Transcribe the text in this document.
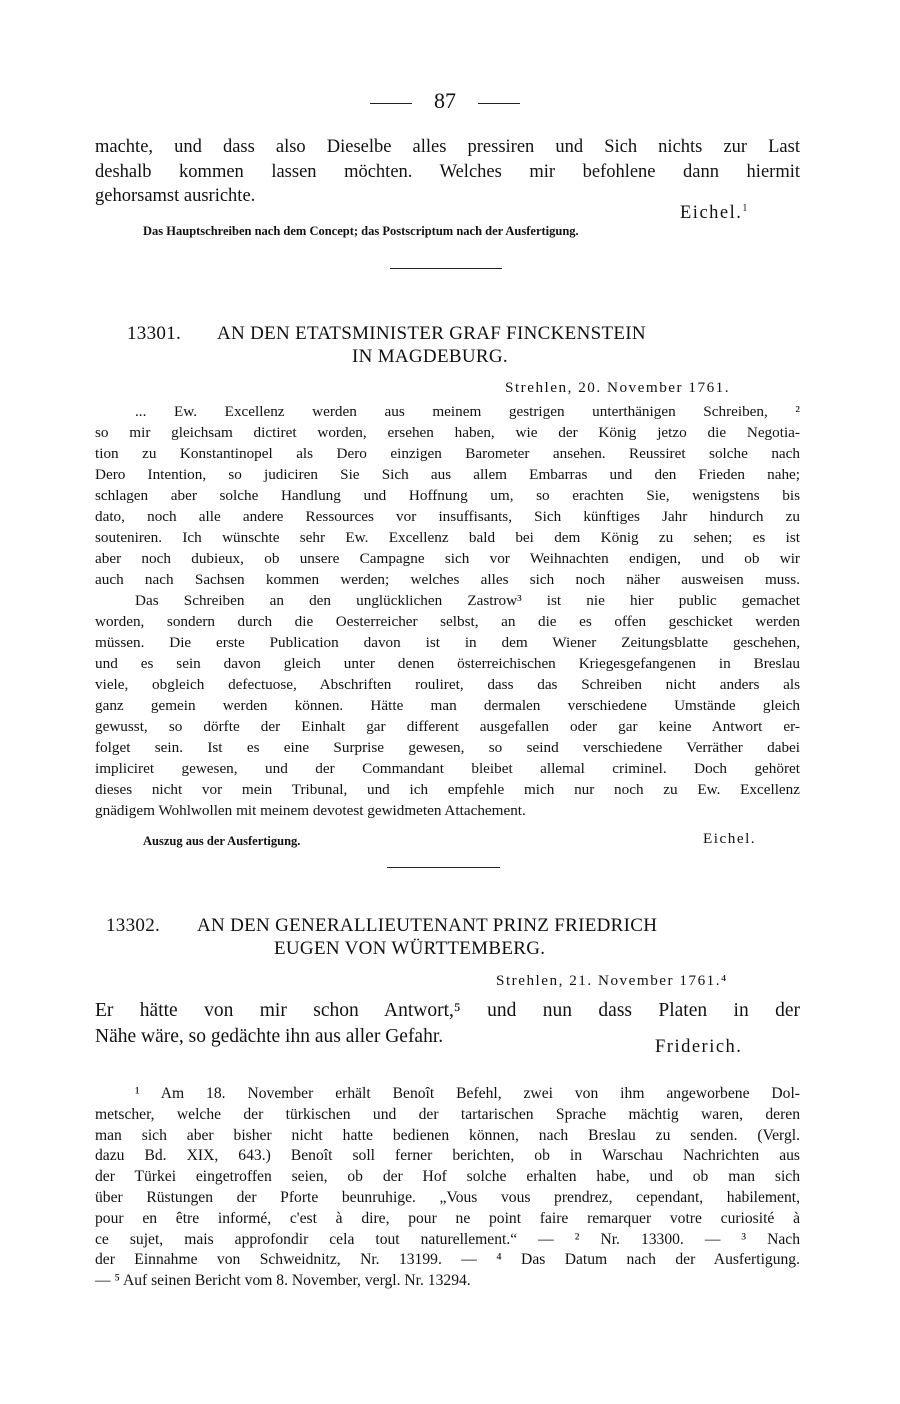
87
machte, und dass also Dieselbe alles pressiren und Sich nichts zur Last
deshalb kommen lassen möchten. Welches mir befohlene dann hiermit
gehorsamst ausrichte.
Eichel.$^1$
Das Hauptschreiben nach dem Concept; das Postscriptum nach der Ausfertigung.
13301. AN DEN ETATSMINISTER GRAF FINCKENSTEIN
IN MAGDEBURG.
Strehlen, 20. November 1761.
... Ew. Excellenz werden aus meinem gestrigen unterthänigen Schreiben, ²
so mir gleichsam dictiret worden, ersehen haben, wie der König jetzo die Negotia-
tion zu Konstantinopel als Dero einzigen Barometer ansehen. Reussiret solche nach
Dero Intention, so judiciren Sie Sich aus allem Embarras und den Frieden nahe;
schlagen aber solche Handlung und Hoffnung um, so erachten Sie, wenigstens bis
dato, noch alle andere Ressources vor insuffisants, Sich künftiges Jahr hindurch zu
souteniren. Ich wünschte sehr Ew. Excellenz bald bei dem König zu sehen; es ist
aber noch dubieux, ob unsere Campagne sich vor Weihnachten endigen, und ob wir
auch nach Sachsen kommen werden; welches alles sich noch näher ausweisen muss.
Das Schreiben an den unglücklichen Zastrow³ ist nie hier public gemachet
worden, sondern durch die Oesterreicher selbst, an die es offen geschicket werden
müssen. Die erste Publication davon ist in dem Wiener Zeitungsblatte geschehen,
und es sein davon gleich unter denen österreichischen Kriegesgefangenen in Breslau
viele, obgleich defectuose, Abschriften rouliret, dass das Schreiben nicht anders als
ganz gemein werden können. Hätte man dermalen verschiedene Umstände gleich
gewusst, so dörfte der Einhalt gar different ausgefallen oder gar keine Antwort er-
folget sein. Ist es eine Surprise gewesen, so seind verschiedene Verräther dabei
impliciret gewesen, und der Commandant bleibet allemal criminel. Doch gehöret
dieses nicht vor mein Tribunal, und ich empfehle mich nur noch zu Ew. Excellenz
gnädigem Wohlwollen mit meinem devotest gewidmeten Attachement.
Auszug aus der Ausfertigung.	Eichel.
13302. AN DEN GENERALLIEUTENANT PRINZ FRIEDRICH
EUGEN VON WÜRTTEMBERG.
Strehlen, 21. November 1761.⁴
Er hätte von mir schon Antwort,⁵ und nun dass Platen in der
Nähe wäre, so gedächte ihn aus aller Gefahr.	Friderich.
¹ Am 18. November erhält Benoît Befehl, zwei von ihm angeworbene Dol-
metscher, welche der türkischen und der tartarischen Sprache mächtig waren, deren
man sich aber bisher nicht hatte bedienen können, nach Breslau zu senden. (Vergl.
dazu Bd. XIX, 643.) Benoît soll ferner berichten, ob in Warschau Nachrichten aus
der Türkei eingetroffen seien, ob der Hof solche erhalten habe, und ob man sich
über Rüstungen der Pforte beunruhige. „Vous vous prendrez, cependant, habilement,
pour en être informé, c'est à dire, pour ne point faire remarquer votre curiosité à
ce sujet, mais approfondir cela tout naturellement.“ — ² Nr. 13300. — ³ Nach
der Einnahme von Schweidnitz, Nr. 13199. — ⁴ Das Datum nach der Ausfertigung.
— ⁵ Auf seinen Bericht vom 8. November, vergl. Nr. 13294.
